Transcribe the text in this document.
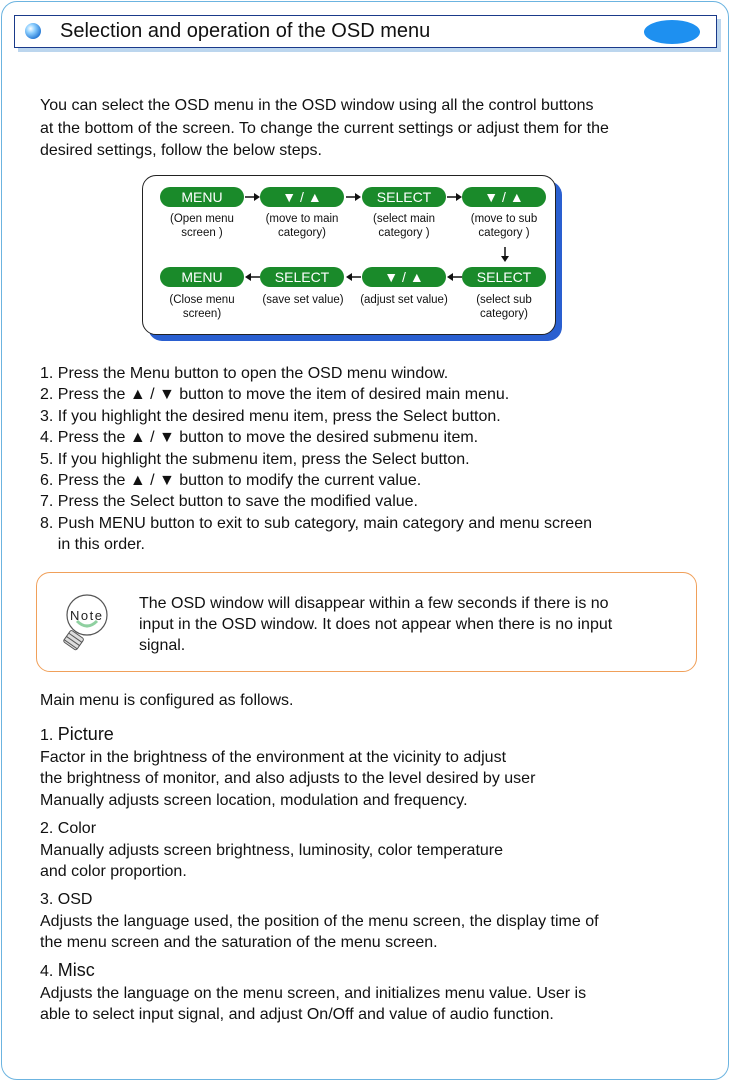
Selection and operation of the OSD menu
You can select the OSD menu in the OSD window using all the control buttons
at the bottom of the screen. To change the current settings or adjust them for the
desired settings, follow the below steps.
MENU	▼ / ▲	SELECT	▼ / ▲
(Open menu
screen )
(move to main
category)
(select main
category )
(move to sub
category )
MENU	SELECT	▼ / ▲	SELECT
(Close menu
screen)
(save set value)	(adjust set value)	(select sub
category)
1. Press the Menu button to open the OSD menu window.
2. Press the ▲ / ▼ button to move the item of desired main menu.
3. If you highlight the desired menu item, press the Select button.
4. Press the ▲ / ▼ button to move the desired submenu item.
5. If you highlight the submenu item, press the Select button.
6. Press the ▲ / ▼ button to modify the current value.
7. Press the Select button to save the modified value.
8. Push MENU button to exit to sub category, main category and menu screen
in this order.
Note
The OSD window will disappear within a few seconds if there is no
input in the OSD window. It does not appear when there is no input
signal.
Main menu is configured as follows.
1. Picture
Factor in the brightness of the environment at the vicinity to adjust
the brightness of monitor, and also adjusts to the level desired by user
Manually adjusts screen location, modulation and frequency.
2. Color
Manually adjusts screen brightness, luminosity, color temperature
and color proportion.
3. OSD
Adjusts the language used, the position of the menu screen, the display time of
the menu screen and the saturation of the menu screen.
4. Misc
Adjusts the language on the menu screen, and initializes menu value. User is
able to select input signal, and adjust On/Off and value of audio function.
